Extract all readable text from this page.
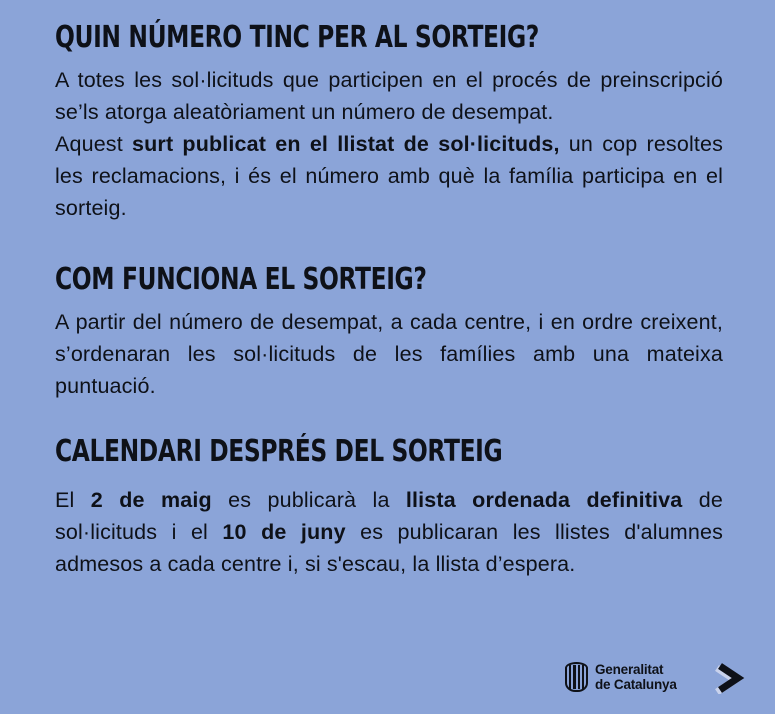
QUIN NÚMERO TINC PER AL SORTEIG?

A totes les sol·licituds que participen en el procés de preinscripció se’ls atorga aleatòriament un número de desempat.

Aquest surt publicat en el llistat de sol·licituds, un cop resoltes les reclamacions, i és el número amb què la família participa en el sorteig.

COM FUNCIONA EL SORTEIG?

A partir del número de desempat, a cada centre, i en ordre creixent, s’ordenaran les sol·licituds de les famílies amb una mateixa puntuació.

CALENDARI DESPRÉS DEL SORTEIG

El 2 de maig es publicarà la llista ordenada definitiva de sol·licituds i el 10 de juny es publicaran les llistes d'alumnes admesos a cada centre i, si s'escau, la llista d’espera.

Generalitat
de Catalunya
